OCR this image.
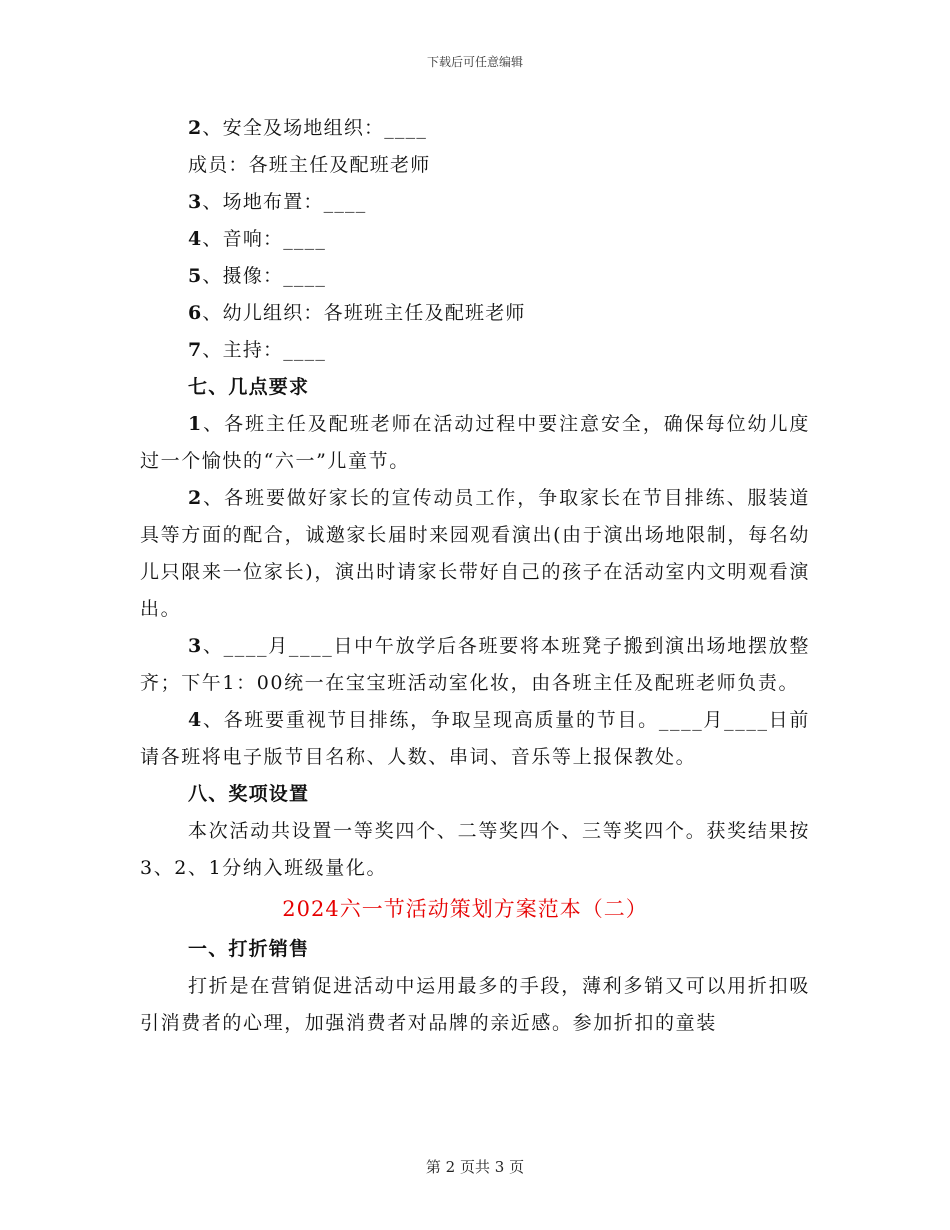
下载后可任意编辑
2、安全及场地组织：____
成员：各班主任及配班老师
3、场地布置：____
4、音响：____
5、摄像：____
6、幼儿组织：各班班主任及配班老师
7、主持：____
七、几点要求
1、各班主任及配班老师在活动过程中要注意安全，确保每位幼儿度过一个愉快的“六一”儿童节。
2、各班要做好家长的宣传动员工作，争取家长在节目排练、服装道具等方面的配合，诚邀家长届时来园观看演出(由于演出场地限制，每名幼儿只限来一位家长)，演出时请家长带好自己的孩子在活动室内文明观看演出。
3、____月____日中午放学后各班要将本班凳子搬到演出场地摆放整齐；下午1：00统一在宝宝班活动室化妆，由各班主任及配班老师负责。
4、各班要重视节目排练，争取呈现高质量的节目。____月____日前请各班将电子版节目名称、人数、串词、音乐等上报保教处。
八、奖项设置
本次活动共设置一等奖四个、二等奖四个、三等奖四个。获奖结果按3、2、1分纳入班级量化。
2024六一节活动策划方案范本（二）
一、打折销售
打折是在营销促进活动中运用最多的手段，薄利多销又可以用折扣吸引消费者的心理，加强消费者对品牌的亲近感。参加折扣的童装
第 2 页共 3 页
